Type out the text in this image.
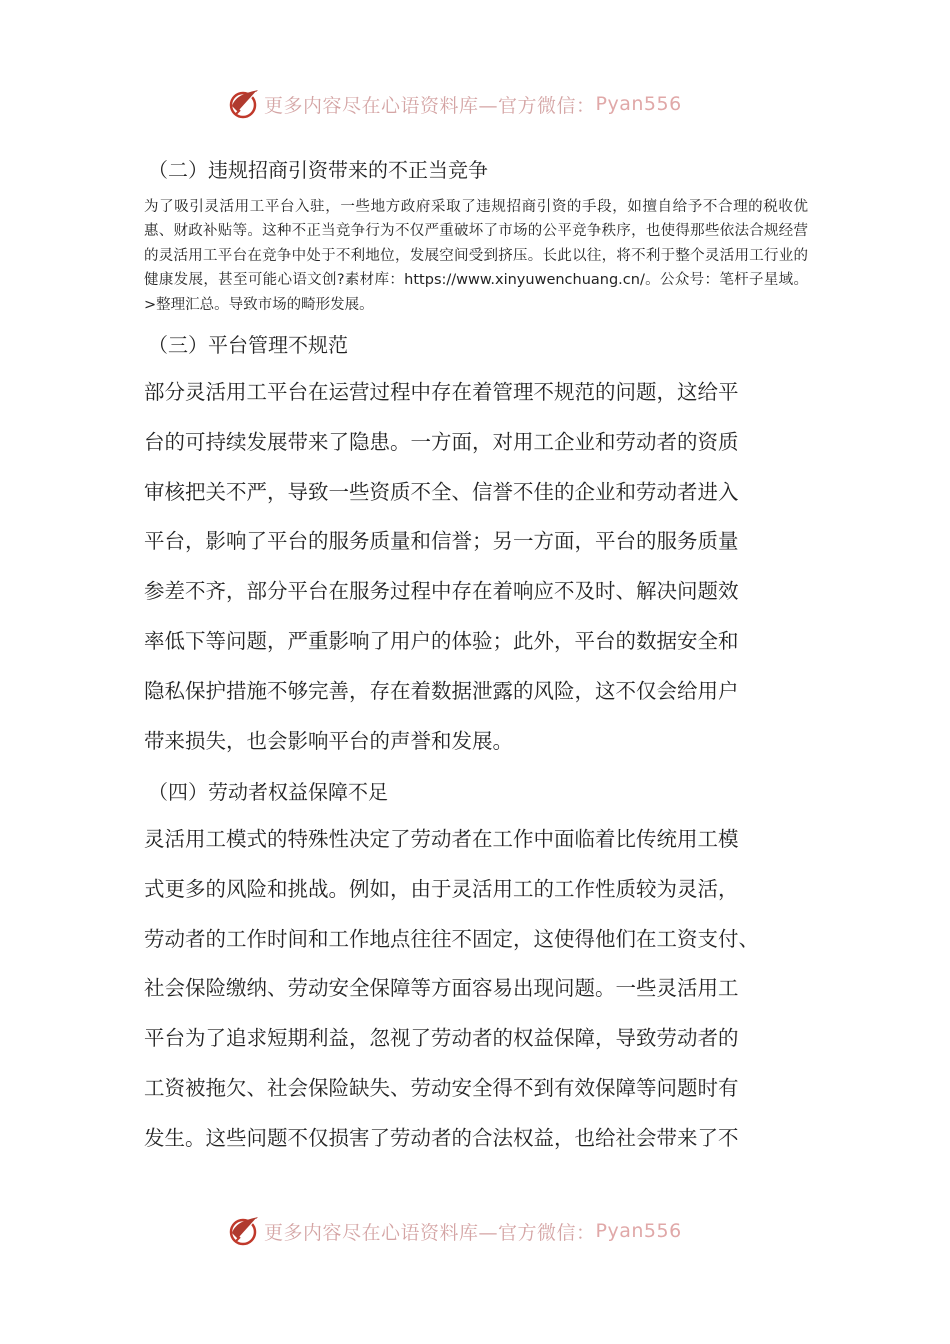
更多内容尽在心语资料库—官方微信： Pyan556
（二）违规招商引资带来的不正当竞争
为了吸引灵活用工平台入驻，一些地方政府采取了违规招商引资的手段，如擅自给予不合理的税收优惠、财政补贴等。这种不正当竞争行为不仅严重破坏了市场的公平竞争秩序，也使得那些依法合规经营的灵活用工平台在竞争中处于不利地位，发展空间受到挤压。长此以往，将不利于整个灵活用工行业的健康发展，甚至可能心语文创?素材库：https://www.xinyuwenchuang.cn/。公众号：笔杆子星域。>整理汇总。导致市场的畸形发展。
（三）平台管理不规范
部分灵活用工平台在运营过程中存在着管理不规范的问题，这给平
台的可持续发展带来了隐患。一方面，对用工企业和劳动者的资质
审核把关不严，导致一些资质不全、信誉不佳的企业和劳动者进入
平台，影响了平台的服务质量和信誉；另一方面，平台的服务质量
参差不齐，部分平台在服务过程中存在着响应不及时、解决问题效
率低下等问题，严重影响了用户的体验；此外，平台的数据安全和
隐私保护措施不够完善，存在着数据泄露的风险，这不仅会给用户
带来损失，也会影响平台的声誉和发展。
（四）劳动者权益保障不足
灵活用工模式的特殊性决定了劳动者在工作中面临着比传统用工模
式更多的风险和挑战。例如，由于灵活用工的工作性质较为灵活，
劳动者的工作时间和工作地点往往不固定，这使得他们在工资支付、
社会保险缴纳、劳动安全保障等方面容易出现问题。一些灵活用工
平台为了追求短期利益，忽视了劳动者的权益保障，导致劳动者的
工资被拖欠、社会保险缺失、劳动安全得不到有效保障等问题时有
发生。这些问题不仅损害了劳动者的合法权益，也给社会带来了不
更多内容尽在心语资料库—官方微信： Pyan556
